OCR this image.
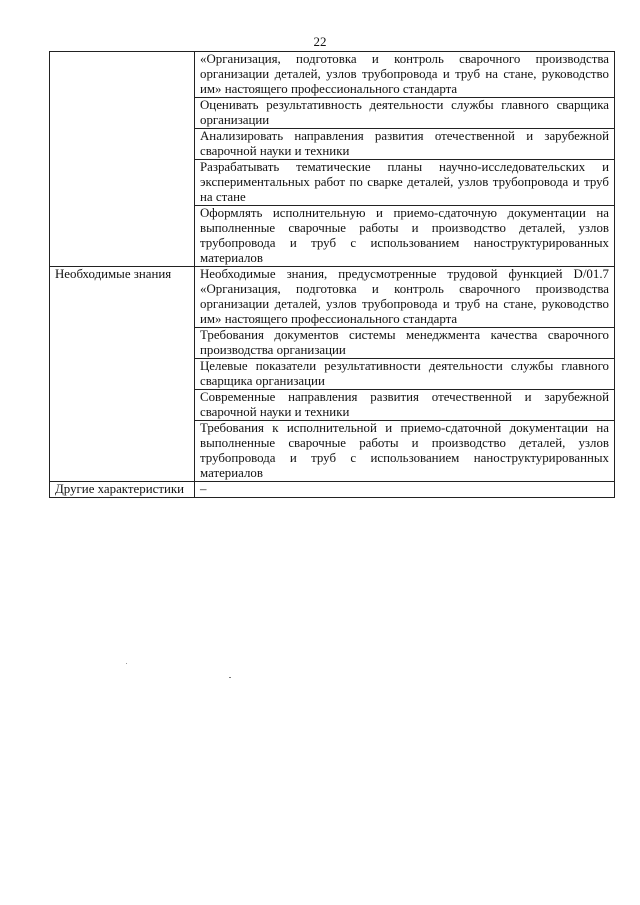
22
	«Организация, подготовка и контроль сварочного производства организации деталей, узлов трубопровода и труб на стане, руководство им» настоящего профессионального стандарта
	Оценивать результативность деятельности службы главного сварщика организации
	Анализировать направления развития отечественной и зарубежной сварочной науки и техники
	Разрабатывать тематические планы научно-исследовательских и экспериментальных работ по сварке деталей, узлов трубопровода и труб на стане
	Оформлять исполнительную и приемо-сдаточную документации на выполненные сварочные работы и производство деталей, узлов трубопровода и труб с использованием наноструктурированных материалов
Необходимые знания	Необходимые знания, предусмотренные трудовой функцией D/01.7 «Организация, подготовка и контроль сварочного производства организации деталей, узлов трубопровода и труб на стане, руководство им» настоящего профессионального стандарта
	Требования документов системы менеджмента качества сварочного производства организации
	Целевые показатели результативности деятельности службы главного сварщика организации
	Современные направления развития отечественной и зарубежной сварочной науки и техники
	Требования к исполнительной и приемо-сдаточной документации на выполненные сварочные работы и производство деталей, узлов трубопровода и труб с использованием наноструктурированных материалов
Другие характеристики	–
